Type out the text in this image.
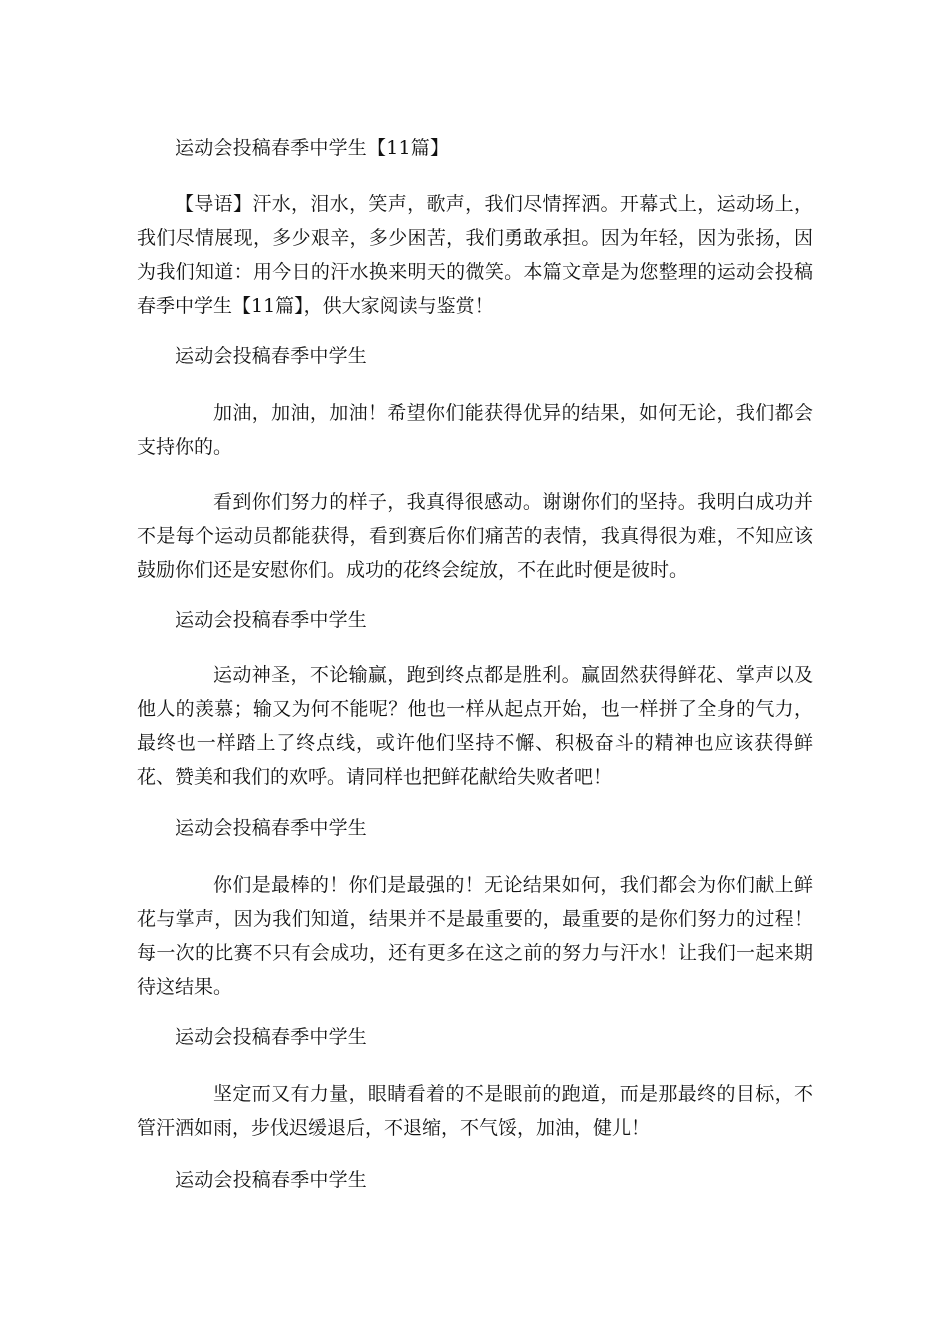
运动会投稿春季中学生【11篇】

【导语】汗水，泪水，笑声，歌声，我们尽情挥洒。开幕式上，运动场上，我们尽情展现，多少艰辛，多少困苦，我们勇敢承担。因为年轻，因为张扬，因为我们知道：用今日的汗水换来明天的微笑。本篇文章是为您整理的运动会投稿春季中学生【11篇】，供大家阅读与鉴赏！

运动会投稿春季中学生

加油，加油，加油！希望你们能获得优异的结果，如何无论，我们都会支持你的。

看到你们努力的样子，我真得很感动。谢谢你们的坚持。我明白成功并不是每个运动员都能获得，看到赛后你们痛苦的表情，我真得很为难，不知应该鼓励你们还是安慰你们。成功的花终会绽放，不在此时便是彼时。

运动会投稿春季中学生

运动神圣，不论输赢，跑到终点都是胜利。赢固然获得鲜花、掌声以及他人的羡慕；输又为何不能呢？他也一样从起点开始，也一样拼了全身的气力，最终也一样踏上了终点线，或许他们坚持不懈、积极奋斗的精神也应该获得鲜花、赞美和我们的欢呼。请同样也把鲜花献给失败者吧！

运动会投稿春季中学生

你们是最棒的！你们是最强的！无论结果如何，我们都会为你们献上鲜花与掌声，因为我们知道，结果并不是最重要的，最重要的是你们努力的过程！每一次的比赛不只有会成功，还有更多在这之前的努力与汗水！让我们一起来期待这结果。

运动会投稿春季中学生

坚定而又有力量，眼睛看着的不是眼前的跑道，而是那最终的目标，不管汗洒如雨，步伐迟缓退后，不退缩，不气馁，加油，健儿！

运动会投稿春季中学生
